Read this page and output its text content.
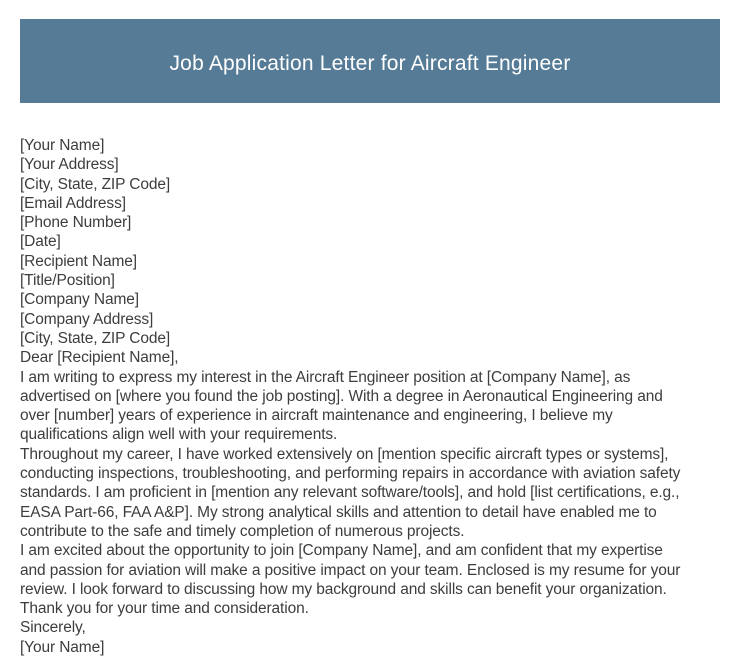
Job Application Letter for Aircraft Engineer
[Your Name]
[Your Address]
[City, State, ZIP Code]
[Email Address]
[Phone Number]
[Date]
[Recipient Name]
[Title/Position]
[Company Name]
[Company Address]
[City, State, ZIP Code]
Dear [Recipient Name],
I am writing to express my interest in the Aircraft Engineer position at [Company Name], as
advertised on [where you found the job posting]. With a degree in Aeronautical Engineering and
over [number] years of experience in aircraft maintenance and engineering, I believe my
qualifications align well with your requirements.
Throughout my career, I have worked extensively on [mention specific aircraft types or systems],
conducting inspections, troubleshooting, and performing repairs in accordance with aviation safety
standards. I am proficient in [mention any relevant software/tools], and hold [list certifications, e.g.,
EASA Part-66, FAA A&P]. My strong analytical skills and attention to detail have enabled me to
contribute to the safe and timely completion of numerous projects.
I am excited about the opportunity to join [Company Name], and am confident that my expertise
and passion for aviation will make a positive impact on your team. Enclosed is my resume for your
review. I look forward to discussing how my background and skills can benefit your organization.
Thank you for your time and consideration.
Sincerely,
[Your Name]
